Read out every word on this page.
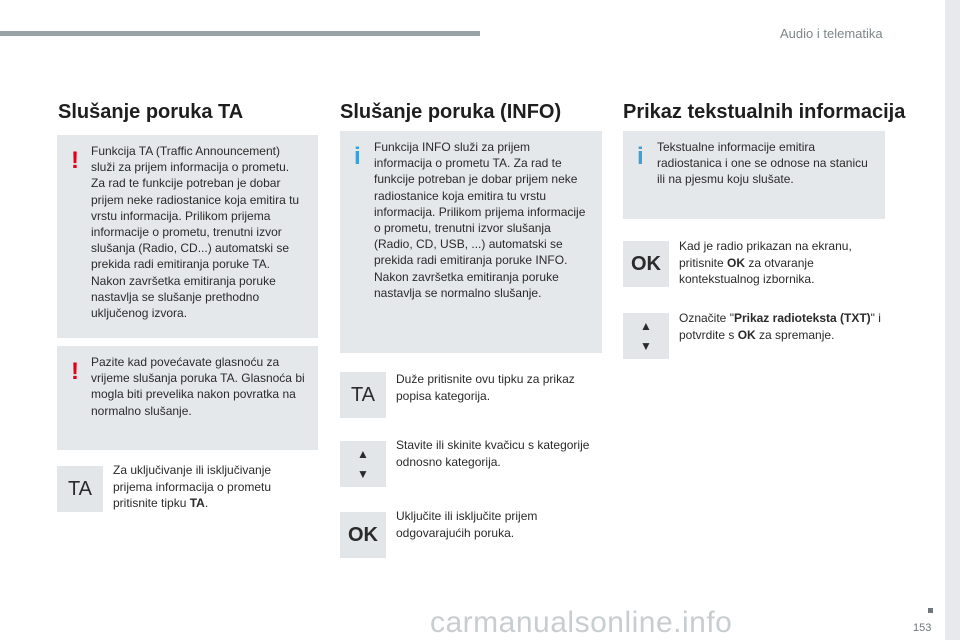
Audio i telematika
Slušanje poruka TA
! Funkcija TA (Traffic Announcement) služi za prijem informacija o prometu. Za rad te funkcije potreban je dobar prijem neke radiostanice koja emitira tu vrstu informacija. Prilikom prijema informacije o prometu, trenutni izvor slušanja (Radio, CD...) automatski se prekida radi emitiranja poruke TA. Nakon završetka emitiranja poruke nastavlja se slušanje prethodno uključenog izvora.
! Pazite kad povećavate glasnoću za vrijeme slušanja poruka TA. Glasnoća bi mogla biti prevelika nakon povratka na normalno slušanje.
TA
Za uključivanje ili isključivanje prijema informacija o prometu pritisnite tipku TA.
Slušanje poruka (INFO)
i Funkcija INFO služi za prijem informacija o prometu TA. Za rad te funkcije potreban je dobar prijem neke radiostanice koja emitira tu vrstu informacija. Prilikom prijema informacije o prometu, trenutni izvor slušanja (Radio, CD, USB, ...) automatski se prekida radi emitiranja poruke INFO. Nakon završetka emitiranja poruke nastavlja se normalno slušanje.
TA
Duže pritisnite ovu tipku za prikaz popisa kategorija.
▲
▼
Stavite ili skinite kvačicu s kategorije odnosno kategorija.
OK
Uključite ili isključite prijem odgovarajućih poruka.
Prikaz tekstualnih informacija
i Tekstualne informacije emitira radiostanica i one se odnose na stanicu ili na pjesmu koju slušate.
OK
Kad je radio prikazan na ekranu, pritisnite OK za otvaranje kontekstualnog izbornika.
▲
▼
Označite "Prikaz radioteksta (TXT)" i potvrdite s OK za spremanje.
carmanualsonline.info	153
